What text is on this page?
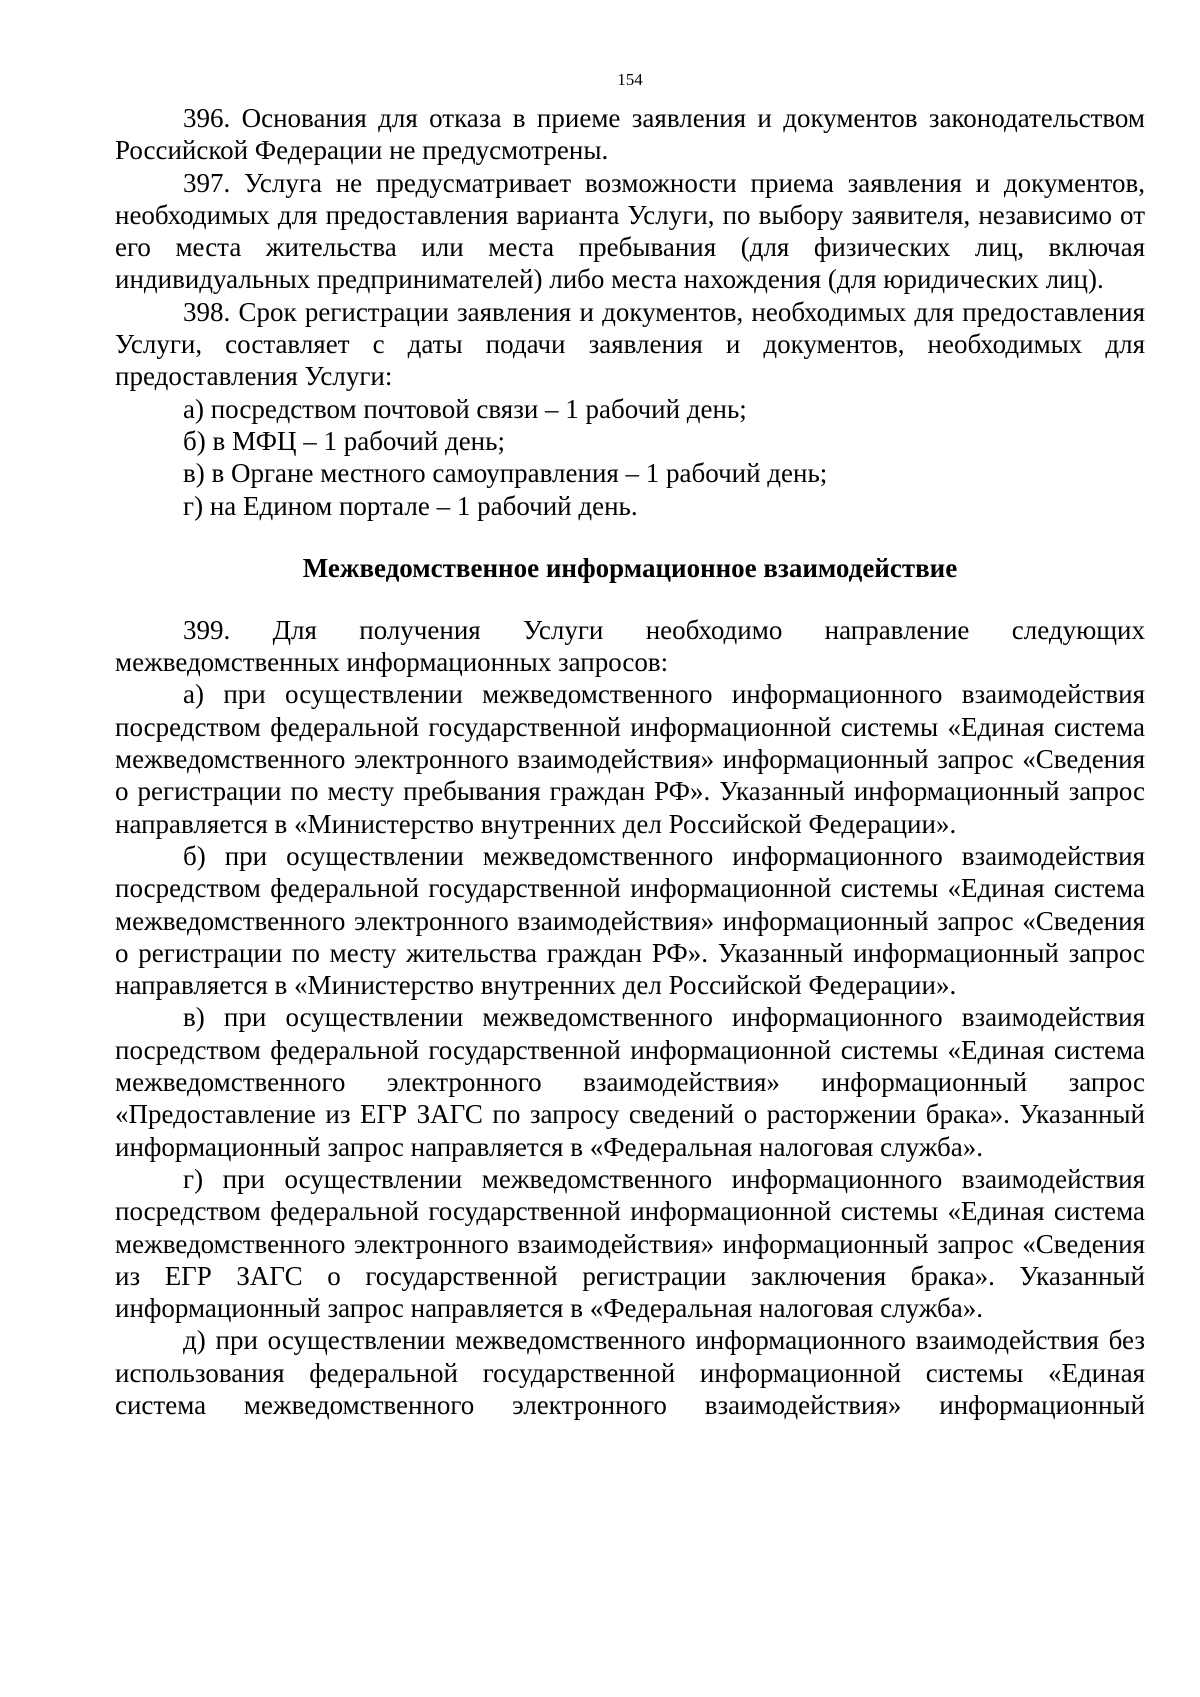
154

396. Основания для отказа в приеме заявления и документов законодательством Российской Федерации не предусмотрены.

397. Услуга не предусматривает возможности приема заявления и документов, необходимых для предоставления варианта Услуги, по выбору заявителя, независимо от его места жительства или места пребывания (для физических лиц, включая индивидуальных предпринимателей) либо места нахождения (для юридических лиц).

398. Срок регистрации заявления и документов, необходимых для предоставления Услуги, составляет с даты подачи заявления и документов, необходимых для предоставления Услуги:

а) посредством почтовой связи – 1 рабочий день;

б) в МФЦ – 1 рабочий день;

в) в Органе местного самоуправления – 1 рабочий день;

г) на Едином портале – 1 рабочий день.

Межведомственное информационное взаимодействие

399. Для получения Услуги необходимо направление следующих межведомственных информационных запросов:

а) при осуществлении межведомственного информационного взаимодействия посредством федеральной государственной информационной системы «Единая система межведомственного электронного взаимодействия» информационный запрос «Сведения о регистрации по месту пребывания граждан РФ». Указанный информационный запрос направляется в «Министерство внутренних дел Российской Федерации».

б) при осуществлении межведомственного информационного взаимодействия посредством федеральной государственной информационной системы «Единая система межведомственного электронного взаимодействия» информационный запрос «Сведения о регистрации по месту жительства граждан РФ». Указанный информационный запрос направляется в «Министерство внутренних дел Российской Федерации».

в) при осуществлении межведомственного информационного взаимодействия посредством федеральной государственной информационной системы «Единая система межведомственного электронного взаимодействия» информационный запрос «Предоставление из ЕГР ЗАГС по запросу сведений о расторжении брака». Указанный информационный запрос направляется в «Федеральная налоговая служба».

г) при осуществлении межведомственного информационного взаимодействия посредством федеральной государственной информационной системы «Единая система межведомственного электронного взаимодействия» информационный запрос «Сведения из ЕГР ЗАГС о государственной регистрации заключения брака». Указанный информационный запрос направляется в «Федеральная налоговая служба».

д) при осуществлении межведомственного информационного взаимодействия без использования федеральной государственной информационной системы «Единая система межведомственного электронного взаимодействия» информационный
